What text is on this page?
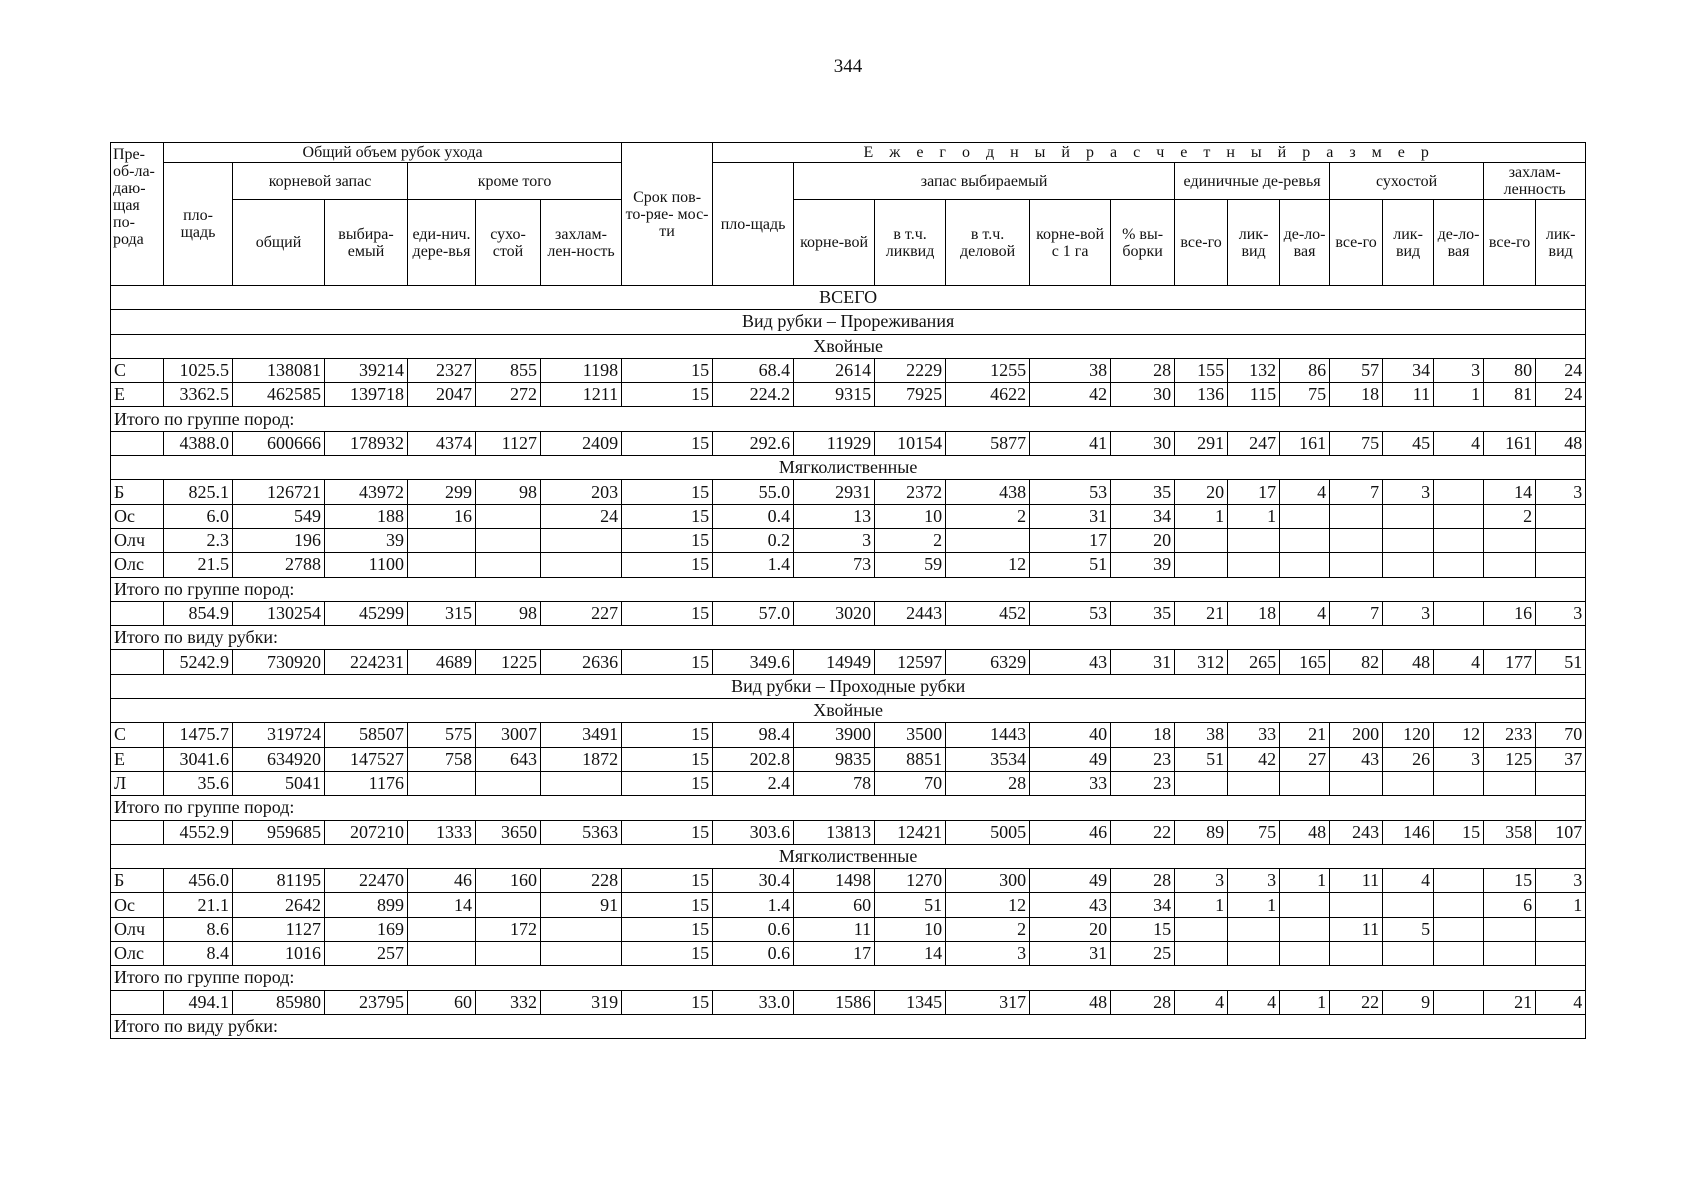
344
Пре-об-ла-даю-щая по-рода	Общий объем рубок ухода						Срок пов- то-ряе- мос-ти	Е ж е г о д н ы й р а с ч е т н ы й р а з м е р													
	пло-щадь	корневой запас		кроме того				пло-щадь	запас выбираемый					единичные де-ревья			сухостой			захлам-ленность	
		общий	выбира-емый	еди-нич. дере-вья	сухо-стой	захлам-лен-ность			корне-вой	в т.ч. ликвид	в т.ч. деловой	корне-вой с 1 га	% вы-борки	все-го	лик-вид	де-ло-вая	все-го	лик-вид	де-ло-вая	все-го	лик-вид
ВСЕГО																					
Вид рубки – Прореживания																					
Хвойные																					
С	1025.5	138081	39214	2327	855	1198	15	68.4	2614	2229	1255	38	28	155	132	86	57	34	3	80	24
Е	3362.5	462585	139718	2047	272	1211	15	224.2	9315	7925	4622	42	30	136	115	75	18	11	1	81	24
Итого по группе пород:																					
	4388.0	600666	178932	4374	1127	2409	15	292.6	11929	10154	5877	41	30	291	247	161	75	45	4	161	48
Мягколиственные																					
Б	825.1	126721	43972	299	98	203	15	55.0	2931	2372	438	53	35	20	17	4	7	3		14	3
Ос	6.0	549	188	16		24	15	0.4	13	10	2	31	34	1	1					2	
Олч	2.3	196	39				15	0.2	3	2		17	20								
Олс	21.5	2788	1100				15	1.4	73	59	12	51	39								
Итого по группе пород:																					
	854.9	130254	45299	315	98	227	15	57.0	3020	2443	452	53	35	21	18	4	7	3		16	3
Итого по виду рубки:																					
	5242.9	730920	224231	4689	1225	2636	15	349.6	14949	12597	6329	43	31	312	265	165	82	48	4	177	51
Вид рубки – Проходные рубки																					
Хвойные																					
С	1475.7	319724	58507	575	3007	3491	15	98.4	3900	3500	1443	40	18	38	33	21	200	120	12	233	70
Е	3041.6	634920	147527	758	643	1872	15	202.8	9835	8851	3534	49	23	51	42	27	43	26	3	125	37
Л	35.6	5041	1176				15	2.4	78	70	28	33	23								
Итого по группе пород:																					
	4552.9	959685	207210	1333	3650	5363	15	303.6	13813	12421	5005	46	22	89	75	48	243	146	15	358	107
Мягколиственные																					
Б	456.0	81195	22470	46	160	228	15	30.4	1498	1270	300	49	28	3	3	1	11	4		15	3
Ос	21.1	2642	899	14		91	15	1.4	60	51	12	43	34	1	1					6	1
Олч	8.6	1127	169		172		15	0.6	11	10	2	20	15				11	5			
Олс	8.4	1016	257				15	0.6	17	14	3	31	25								
Итого по группе пород:																					
	494.1	85980	23795	60	332	319	15	33.0	1586	1345	317	48	28	4	4	1	22	9		21	4
Итого по виду рубки:																					
